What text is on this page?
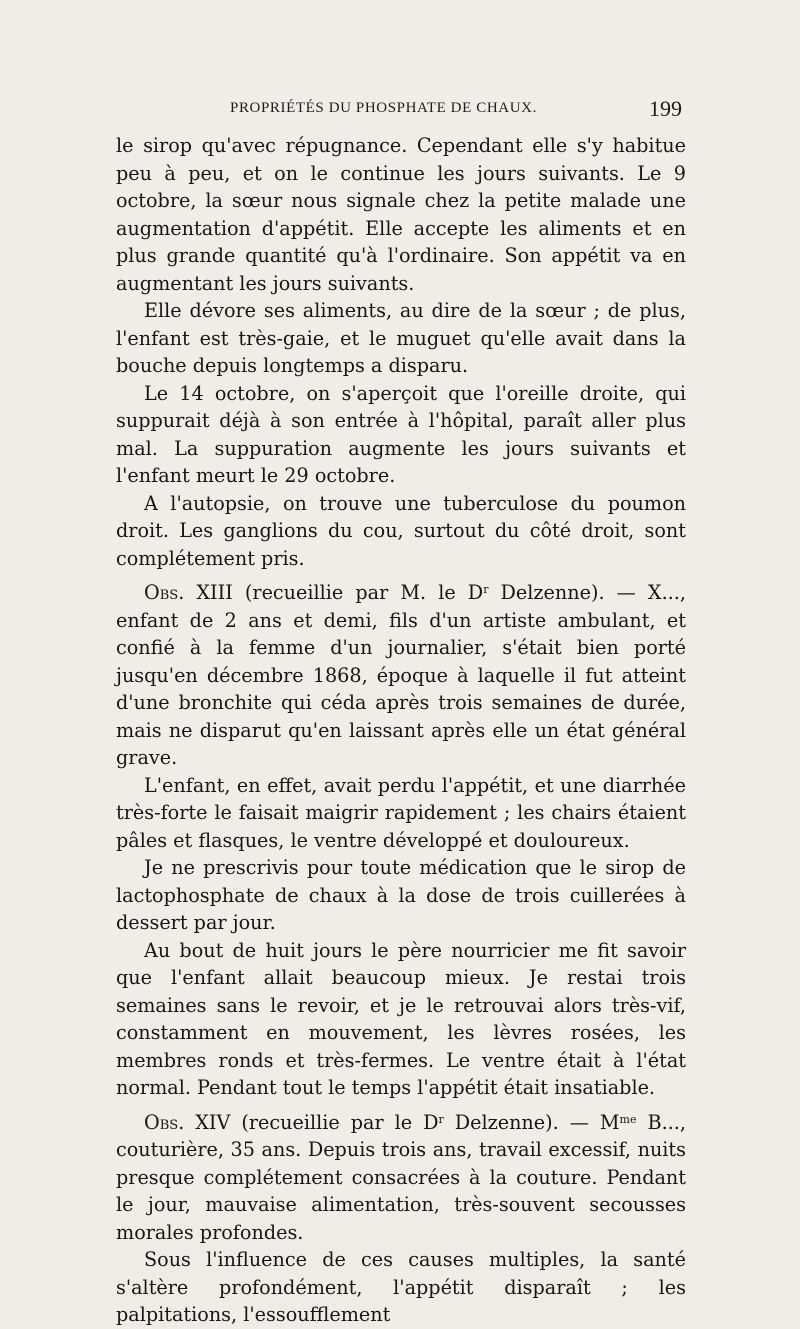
PROPRIÉTÉS DU PHOSPHATE DE CHAUX.	199

le sirop qu'avec répugnance. Cependant elle s'y habitue peu à peu, et on le continue les jours suivants. Le 9 octobre, la sœur nous signale chez la petite malade une augmentation d'appétit. Elle accepte les aliments et en plus grande quantité qu'à l'ordinaire. Son appétit va en augmentant les jours suivants.

Elle dévore ses aliments, au dire de la sœur ; de plus, l'enfant est très-gaie, et le muguet qu'elle avait dans la bouche depuis longtemps a disparu.

Le 14 octobre, on s'aperçoit que l'oreille droite, qui suppurait déjà à son entrée à l'hôpital, paraît aller plus mal. La suppuration augmente les jours suivants et l'enfant meurt le 29 octobre.

A l'autopsie, on trouve une tuberculose du poumon droit. Les ganglions du cou, surtout du côté droit, sont complétement pris.

Obs. XIII (recueillie par M. le $D^r$ Delzenne). — X..., enfant de 2 ans et demi, fils d'un artiste ambulant, et confié à la femme d'un journalier, s'était bien porté jusqu'en décembre 1868, époque à laquelle il fut atteint d'une bronchite qui céda après trois semaines de durée, mais ne disparut qu'en laissant après elle un état général grave.

L'enfant, en effet, avait perdu l'appétit, et une diarrhée très-forte le faisait maigrir rapidement ; les chairs étaient pâles et flasques, le ventre développé et douloureux.

Je ne prescrivis pour toute médication que le sirop de lactophosphate de chaux à la dose de trois cuillerées à dessert par jour.

Au bout de huit jours le père nourricier me fit savoir que l'enfant allait beaucoup mieux. Je restai trois semaines sans le revoir, et je le retrouvai alors très-vif, constamment en mouvement, les lèvres rosées, les membres ronds et très-fermes. Le ventre était à l'état normal. Pendant tout le temps l'appétit était insatiable.

Obs. XIV (recueillie par le $D^r$ Delzenne). — $M^{me}$ B..., couturière, 35 ans. Depuis trois ans, travail excessif, nuits presque complétement consacrées à la couture. Pendant le jour, mauvaise alimentation, très-souvent secousses morales profondes.

Sous l'influence de ces causes multiples, la santé s'altère profondément, l'appétit disparaît ; les palpitations, l'essoufflement
